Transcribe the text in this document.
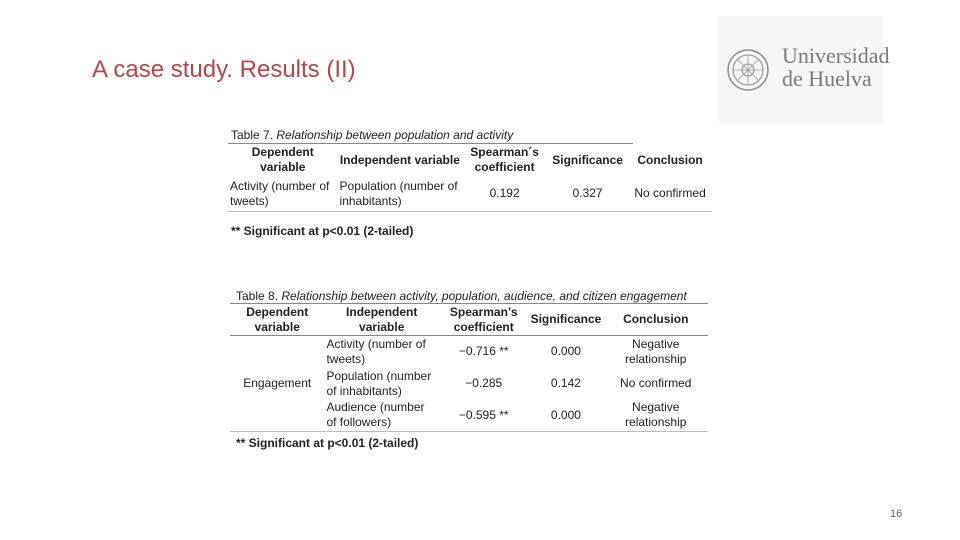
A case study. Results (II)
Universidad
de Huelva
Table 7. Relationship between population and activity
Dependent variable	Independent variable	Spearman´s coefficient	Significance	Conclusion
Activity (number of tweets)	Population (number of inhabitants)	0.192	0.327	No confirmed
** Significant at p<0.01 (2-tailed)
Table 8. Relationship between activity, population, audience, and citizen engagement
Dependent variable	Independent variable	Spearman’s coefficient	Significance	Conclusion
Engagement	Activity (number of tweets)	−0.716 **	0.000	Negative relationship
	Population (number of inhabitants)	−0.285	0.142	No confirmed
	Audience (number of followers)	−0.595 **	0.000	Negative relationship
** Significant at p<0.01 (2-tailed)
16
